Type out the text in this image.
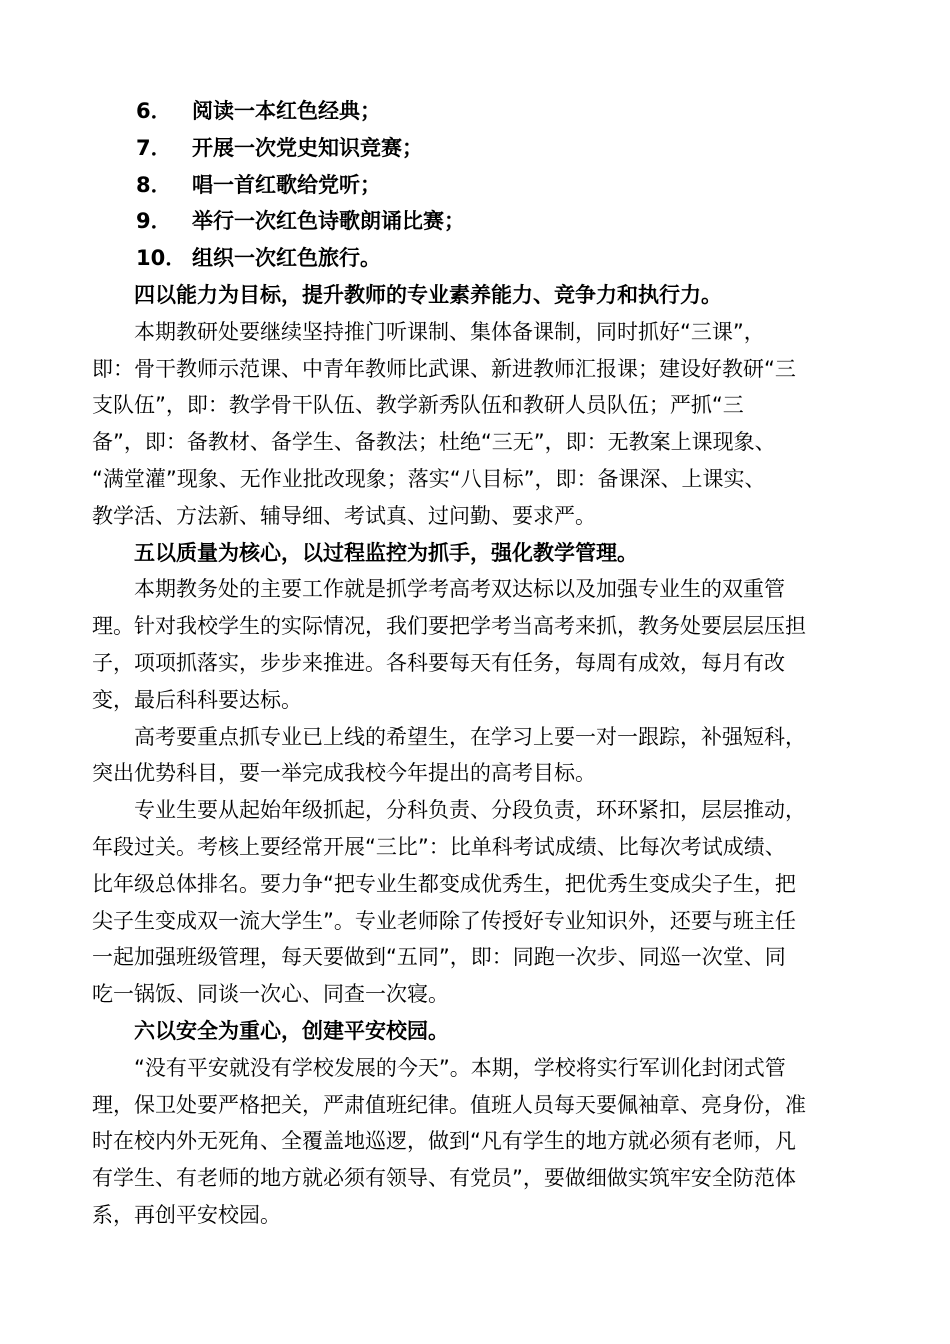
6． 阅读一本红色经典；

7． 开展一次党史知识竞赛；

8． 唱一首红歌给党听；

9． 举行一次红色诗歌朗诵比赛；

10． 组织一次红色旅行。

四以能力为目标，提升教师的专业素养能力、竞争力和执行力。

本期教研处要继续坚持推门听课制、集体备课制，同时抓好“三课”，

即：骨干教师示范课、中青年教师比武课、新进教师汇报课；建设好教研“三

支队伍”，即：教学骨干队伍、教学新秀队伍和教研人员队伍；严抓“三

备”，即：备教材、备学生、备教法；杜绝“三无”，即：无教案上课现象、

“满堂灌”现象、无作业批改现象；落实“八目标”，即：备课深、上课实、

教学活、方法新、辅导细、考试真、过问勤、要求严。

五以质量为核心，以过程监控为抓手，强化教学管理。

本期教务处的主要工作就是抓学考高考双达标以及加强专业生的双重管

理。针对我校学生的实际情况，我们要把学考当高考来抓，教务处要层层压担

子，项项抓落实，步步来推进。各科要每天有任务，每周有成效，每月有改

变，最后科科要达标。

高考要重点抓专业已上线的希望生，在学习上要一对一跟踪，补强短科，

突出优势科目，要一举完成我校今年提出的高考目标。

专业生要从起始年级抓起，分科负责、分段负责，环环紧扣，层层推动，

年段过关。考核上要经常开展“三比”：比单科考试成绩、比每次考试成绩、

比年级总体排名。要力争“把专业生都变成优秀生，把优秀生变成尖子生，把

尖子生变成双一流大学生”。专业老师除了传授好专业知识外，还要与班主任

一起加强班级管理，每天要做到“五同”，即：同跑一次步、同巡一次堂、同

吃一锅饭、同谈一次心、同查一次寝。

六以安全为重心，创建平安校园。

“没有平安就没有学校发展的今天”。本期，学校将实行军训化封闭式管

理，保卫处要严格把关，严肃值班纪律。值班人员每天要佩袖章、亮身份，准

时在校内外无死角、全覆盖地巡逻，做到“凡有学生的地方就必须有老师，凡

有学生、有老师的地方就必须有领导、有党员”，要做细做实筑牢安全防范体

系，再创平安校园。
